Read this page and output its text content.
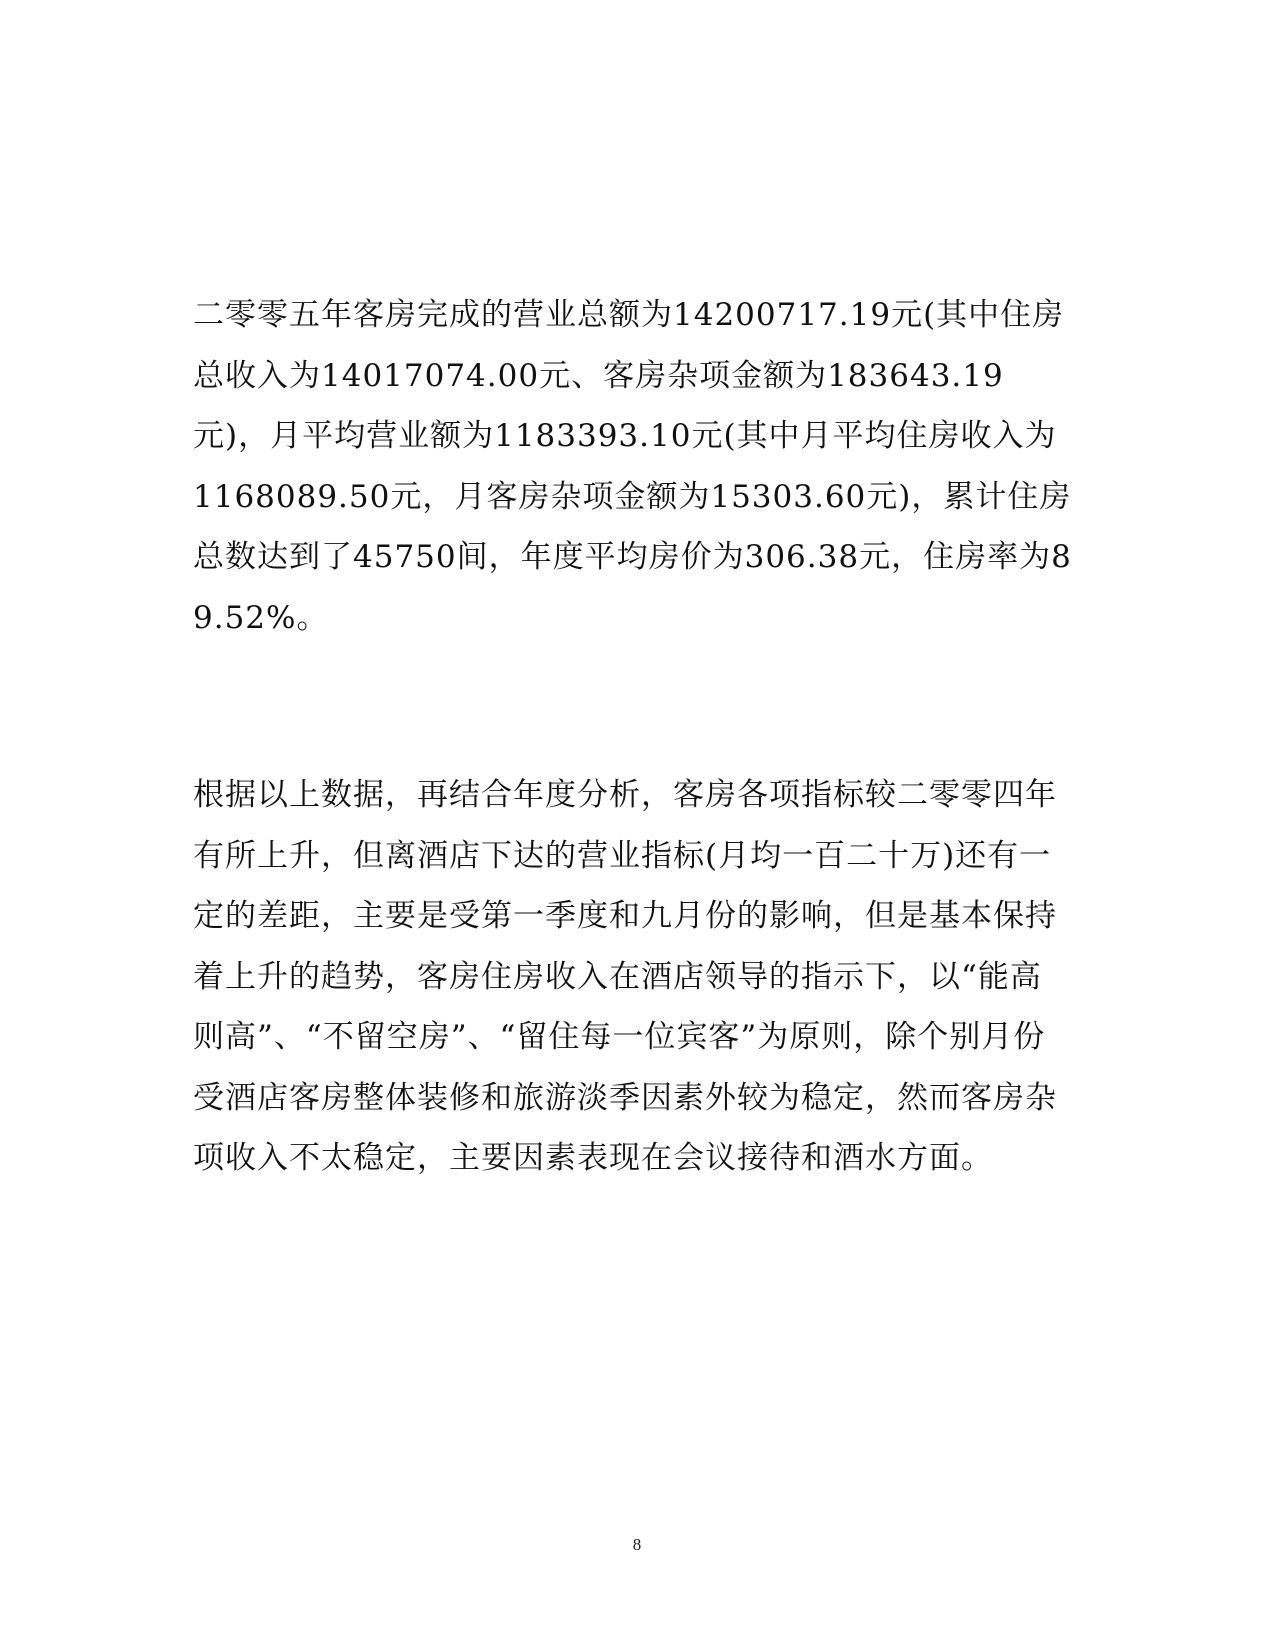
二零零五年客房完成的营业总额为14200717.19元(其中住房总收入为14017074.00元、客房杂项金额为183643.19元)，月平均营业额为1183393.10元(其中月平均住房收入为1168089.50元，月客房杂项金额为15303.60元)，累计住房总数达到了45750间，年度平均房价为306.38元，住房率为89.52%。

根据以上数据，再结合年度分析，客房各项指标较二零零四年有所上升，但离酒店下达的营业指标(月均一百二十万)还有一定的差距，主要是受第一季度和九月份的影响，但是基本保持着上升的趋势，客房住房收入在酒店领导的指示下，以“能高则高”、“不留空房”、“留住每一位宾客”为原则，除个别月份受酒店客房整体装修和旅游淡季因素外较为稳定，然而客房杂项收入不太稳定，主要因素表现在会议接待和酒水方面。

8
